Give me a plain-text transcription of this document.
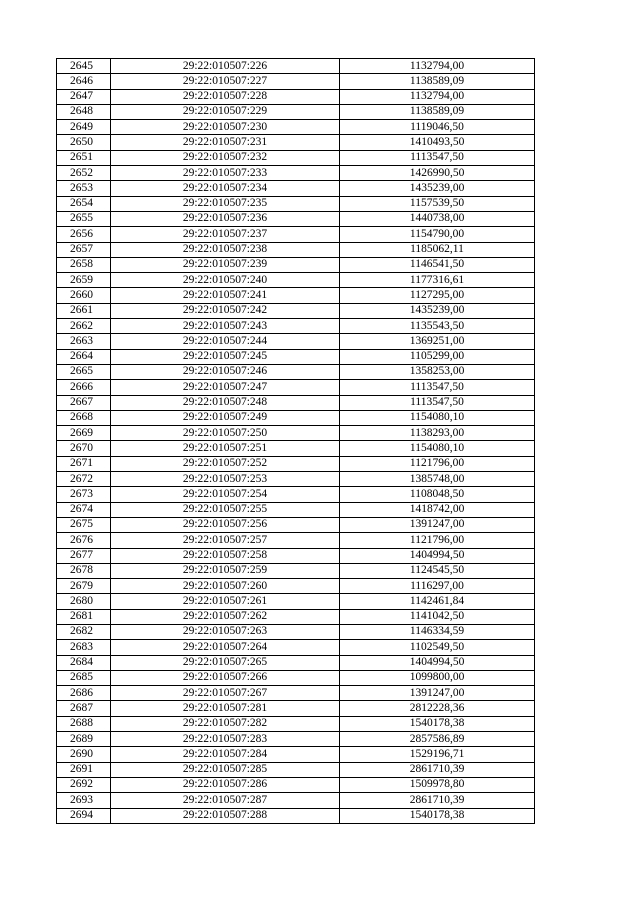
2645	29:22:010507:226	1132794,00
2646	29:22:010507:227	1138589,09
2647	29:22:010507:228	1132794,00
2648	29:22:010507:229	1138589,09
2649	29:22:010507:230	1119046,50
2650	29:22:010507:231	1410493,50
2651	29:22:010507:232	1113547,50
2652	29:22:010507:233	1426990,50
2653	29:22:010507:234	1435239,00
2654	29:22:010507:235	1157539,50
2655	29:22:010507:236	1440738,00
2656	29:22:010507:237	1154790,00
2657	29:22:010507:238	1185062,11
2658	29:22:010507:239	1146541,50
2659	29:22:010507:240	1177316,61
2660	29:22:010507:241	1127295,00
2661	29:22:010507:242	1435239,00
2662	29:22:010507:243	1135543,50
2663	29:22:010507:244	1369251,00
2664	29:22:010507:245	1105299,00
2665	29:22:010507:246	1358253,00
2666	29:22:010507:247	1113547,50
2667	29:22:010507:248	1113547,50
2668	29:22:010507:249	1154080,10
2669	29:22:010507:250	1138293,00
2670	29:22:010507:251	1154080,10
2671	29:22:010507:252	1121796,00
2672	29:22:010507:253	1385748,00
2673	29:22:010507:254	1108048,50
2674	29:22:010507:255	1418742,00
2675	29:22:010507:256	1391247,00
2676	29:22:010507:257	1121796,00
2677	29:22:010507:258	1404994,50
2678	29:22:010507:259	1124545,50
2679	29:22:010507:260	1116297,00
2680	29:22:010507:261	1142461,84
2681	29:22:010507:262	1141042,50
2682	29:22:010507:263	1146334,59
2683	29:22:010507:264	1102549,50
2684	29:22:010507:265	1404994,50
2685	29:22:010507:266	1099800,00
2686	29:22:010507:267	1391247,00
2687	29:22:010507:281	2812228,36
2688	29:22:010507:282	1540178,38
2689	29:22:010507:283	2857586,89
2690	29:22:010507:284	1529196,71
2691	29:22:010507:285	2861710,39
2692	29:22:010507:286	1509978,80
2693	29:22:010507:287	2861710,39
2694	29:22:010507:288	1540178,38
